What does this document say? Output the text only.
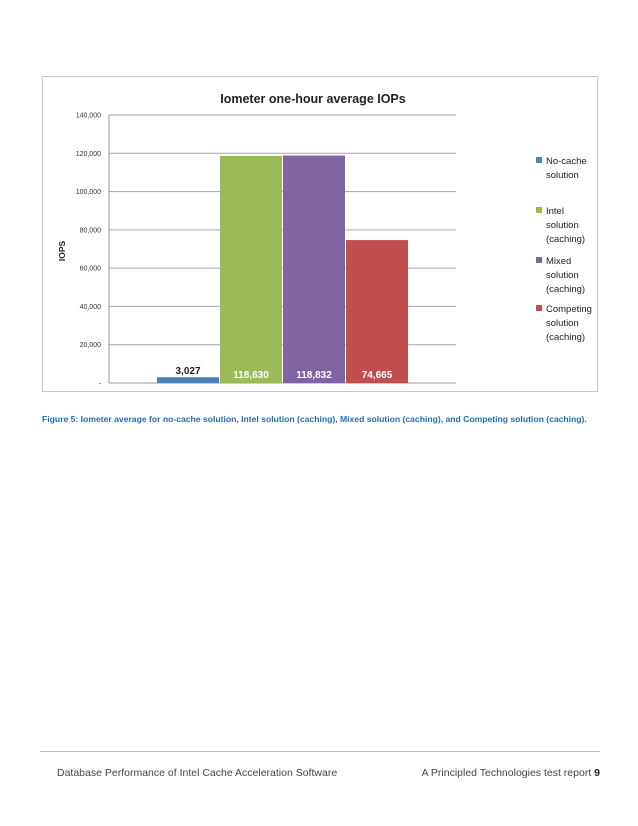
Iometer one-hour average IOPs
-
20,000
40,000
60,000
80,000
100,000
120,000
140,000
IOPS
3,027	118,630	118,832	74,665
No-cache solution
Intel solution (caching)
Mixed solution (caching)
Competing solution (caching)
Figure 5: Iometer average for no-cache solution, Intel solution (caching), Mixed solution (caching), and Competing solution (caching).
Database Performance of Intel Cache Acceleration Software	A Principled Technologies test report 9
